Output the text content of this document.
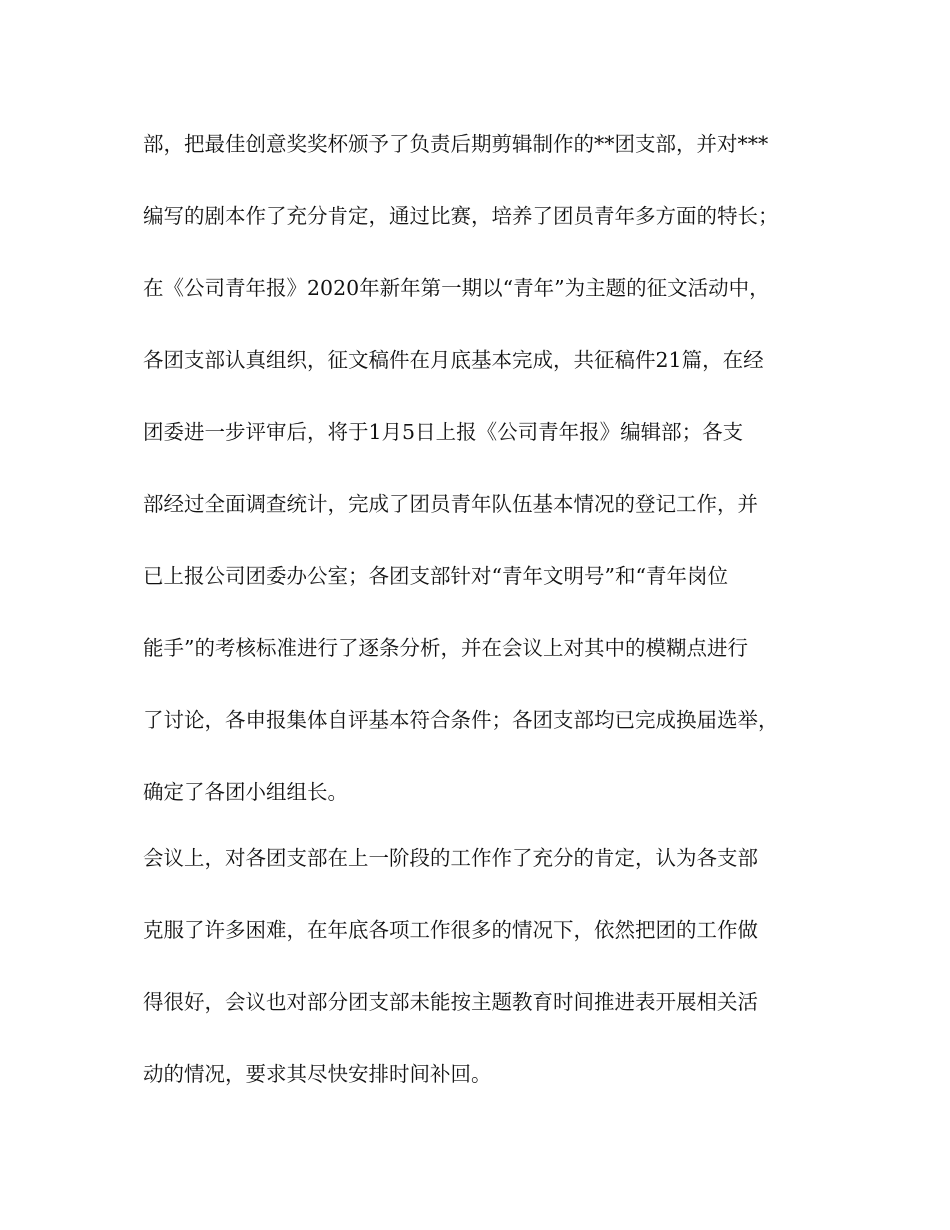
部，把最佳创意奖奖杯颁予了负责后期剪辑制作的**团支部，并对***
编写的剧本作了充分肯定，通过比赛，培养了团员青年多方面的特长；
在《公司青年报》2020年新年第一期以“青年”为主题的征文活动中，
各团支部认真组织，征文稿件在月底基本完成，共征稿件21篇，在经
团委进一步评审后，将于1月5日上报《公司青年报》编辑部；各支
部经过全面调查统计，完成了团员青年队伍基本情况的登记工作，并
已上报公司团委办公室；各团支部针对“青年文明号”和“青年岗位
能手”的考核标准进行了逐条分析，并在会议上对其中的模糊点进行
了讨论，各申报集体自评基本符合条件；各团支部均已完成换届选举，
确定了各团小组组长。
会议上，对各团支部在上一阶段的工作作了充分的肯定，认为各支部
克服了许多困难，在年底各项工作很多的情况下，依然把团的工作做
得很好，会议也对部分团支部未能按主题教育时间推进表开展相关活
动的情况，要求其尽快安排时间补回。
